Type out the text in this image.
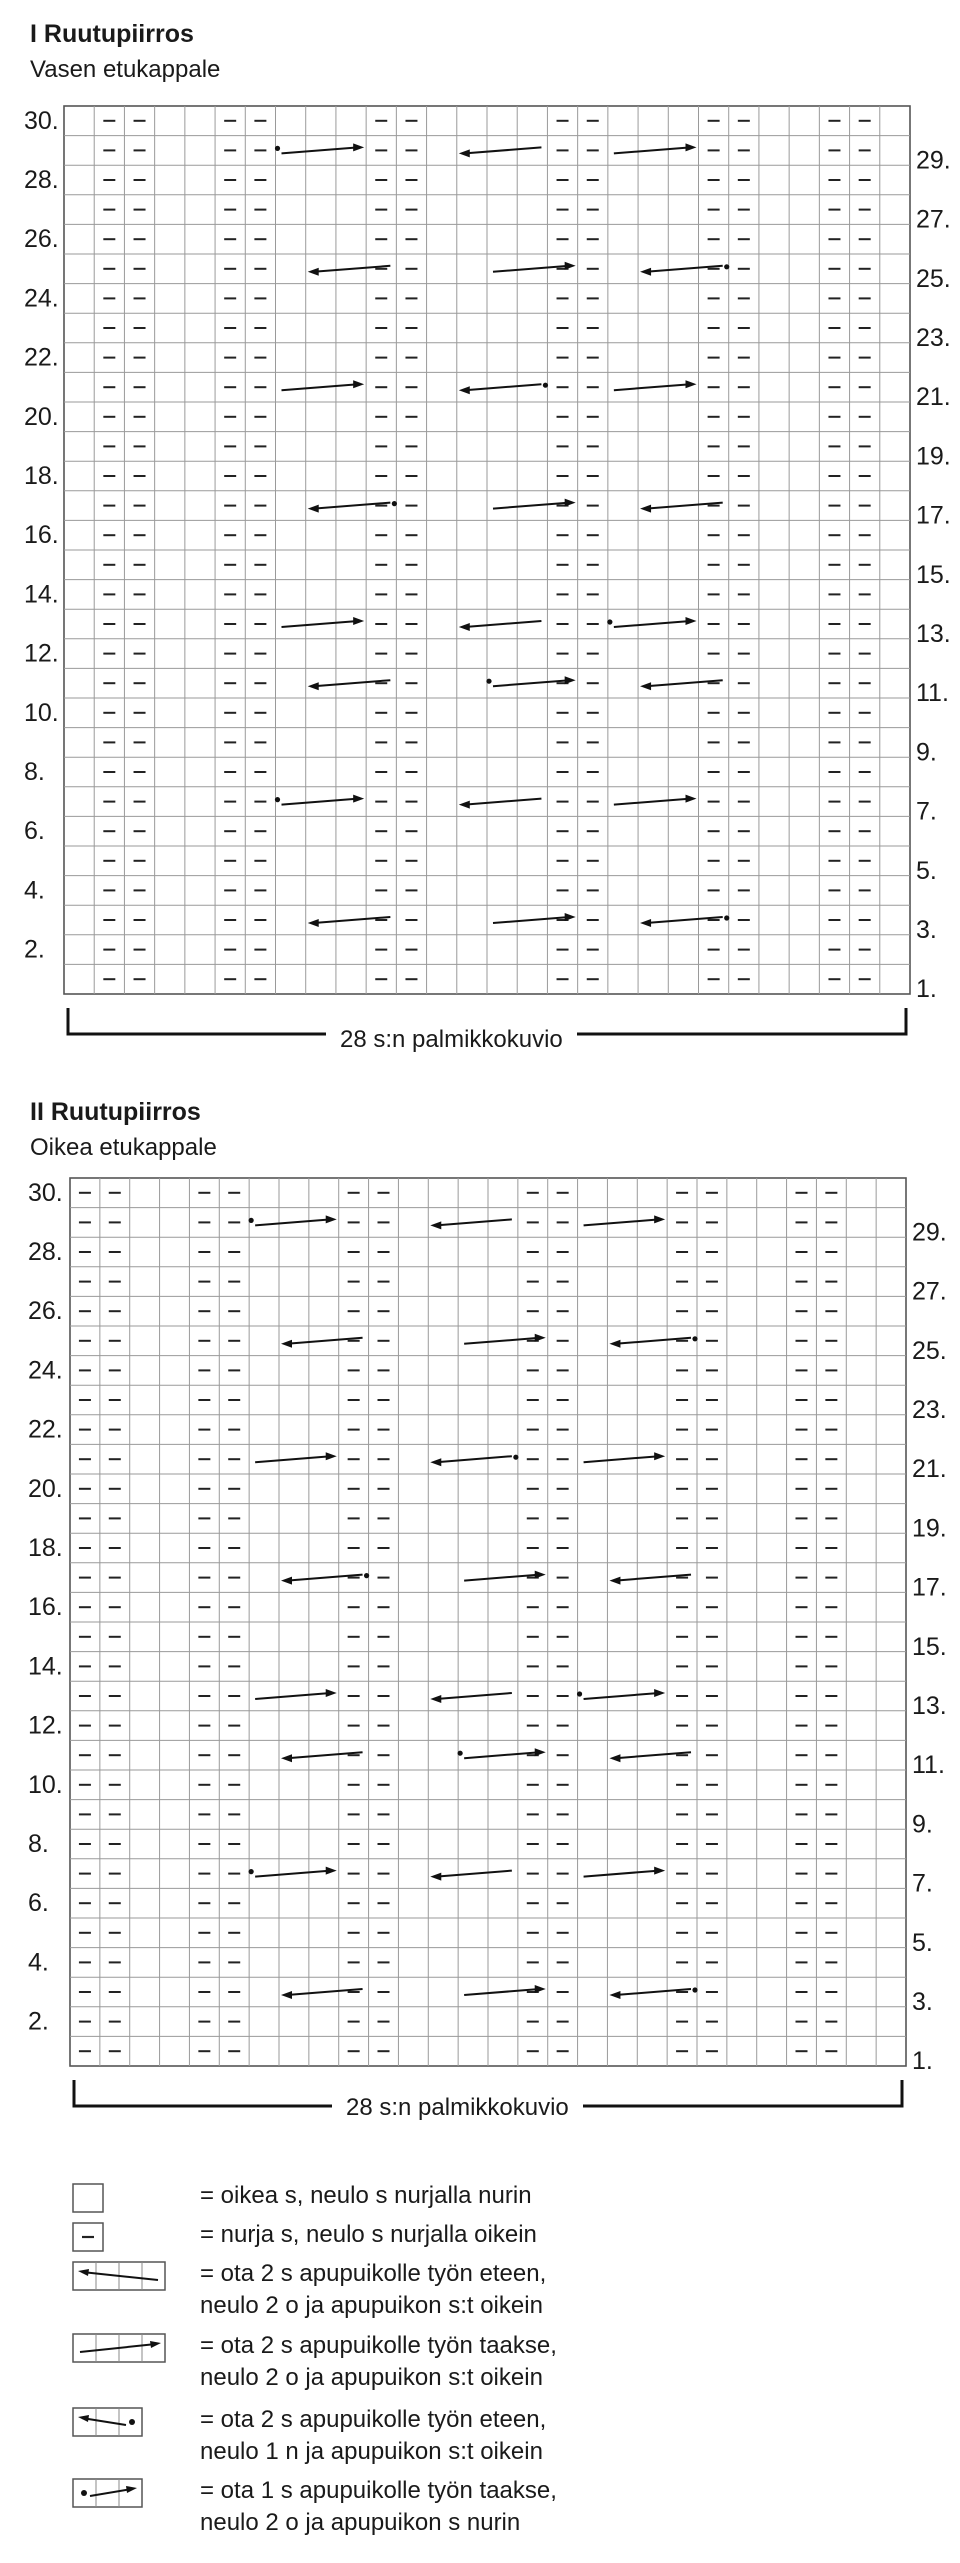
I Ruutupiirros
Vasen etukappale
30.
28.
26.
24.
22.
20.
18.
16.
14.
12.
10.
8.
6.
4.
2.
29.
27.
25.
23.
21.
19.
17.
15.
13.
11.
9.
7.
5.
3.
1.
28 s:n palmikkokuvio
II Ruutupiirros
Oikea etukappale
30.
28.
26.
24.
22.
20.
18.
16.
14.
12.
10.
8.
6.
4.
2.
29.
27.
25.
23.
21.
19.
17.
15.
13.
11.
9.
7.
5.
3.
1.
28 s:n palmikkokuvio
= oikea s, neulo s nurjalla nurin
= nurja s, neulo s nurjalla oikein
= ota 2 s apupuikolle työn eteen,
neulo 2 o ja apupuikon s:t oikein
= ota 2 s apupuikolle työn taakse,
neulo 2 o ja apupuikon s:t oikein
= ota 2 s apupuikolle työn eteen,
neulo 1 n ja apupuikon s:t oikein
= ota 1 s apupuikolle työn taakse,
neulo 2 o ja apupuikon s nurin
